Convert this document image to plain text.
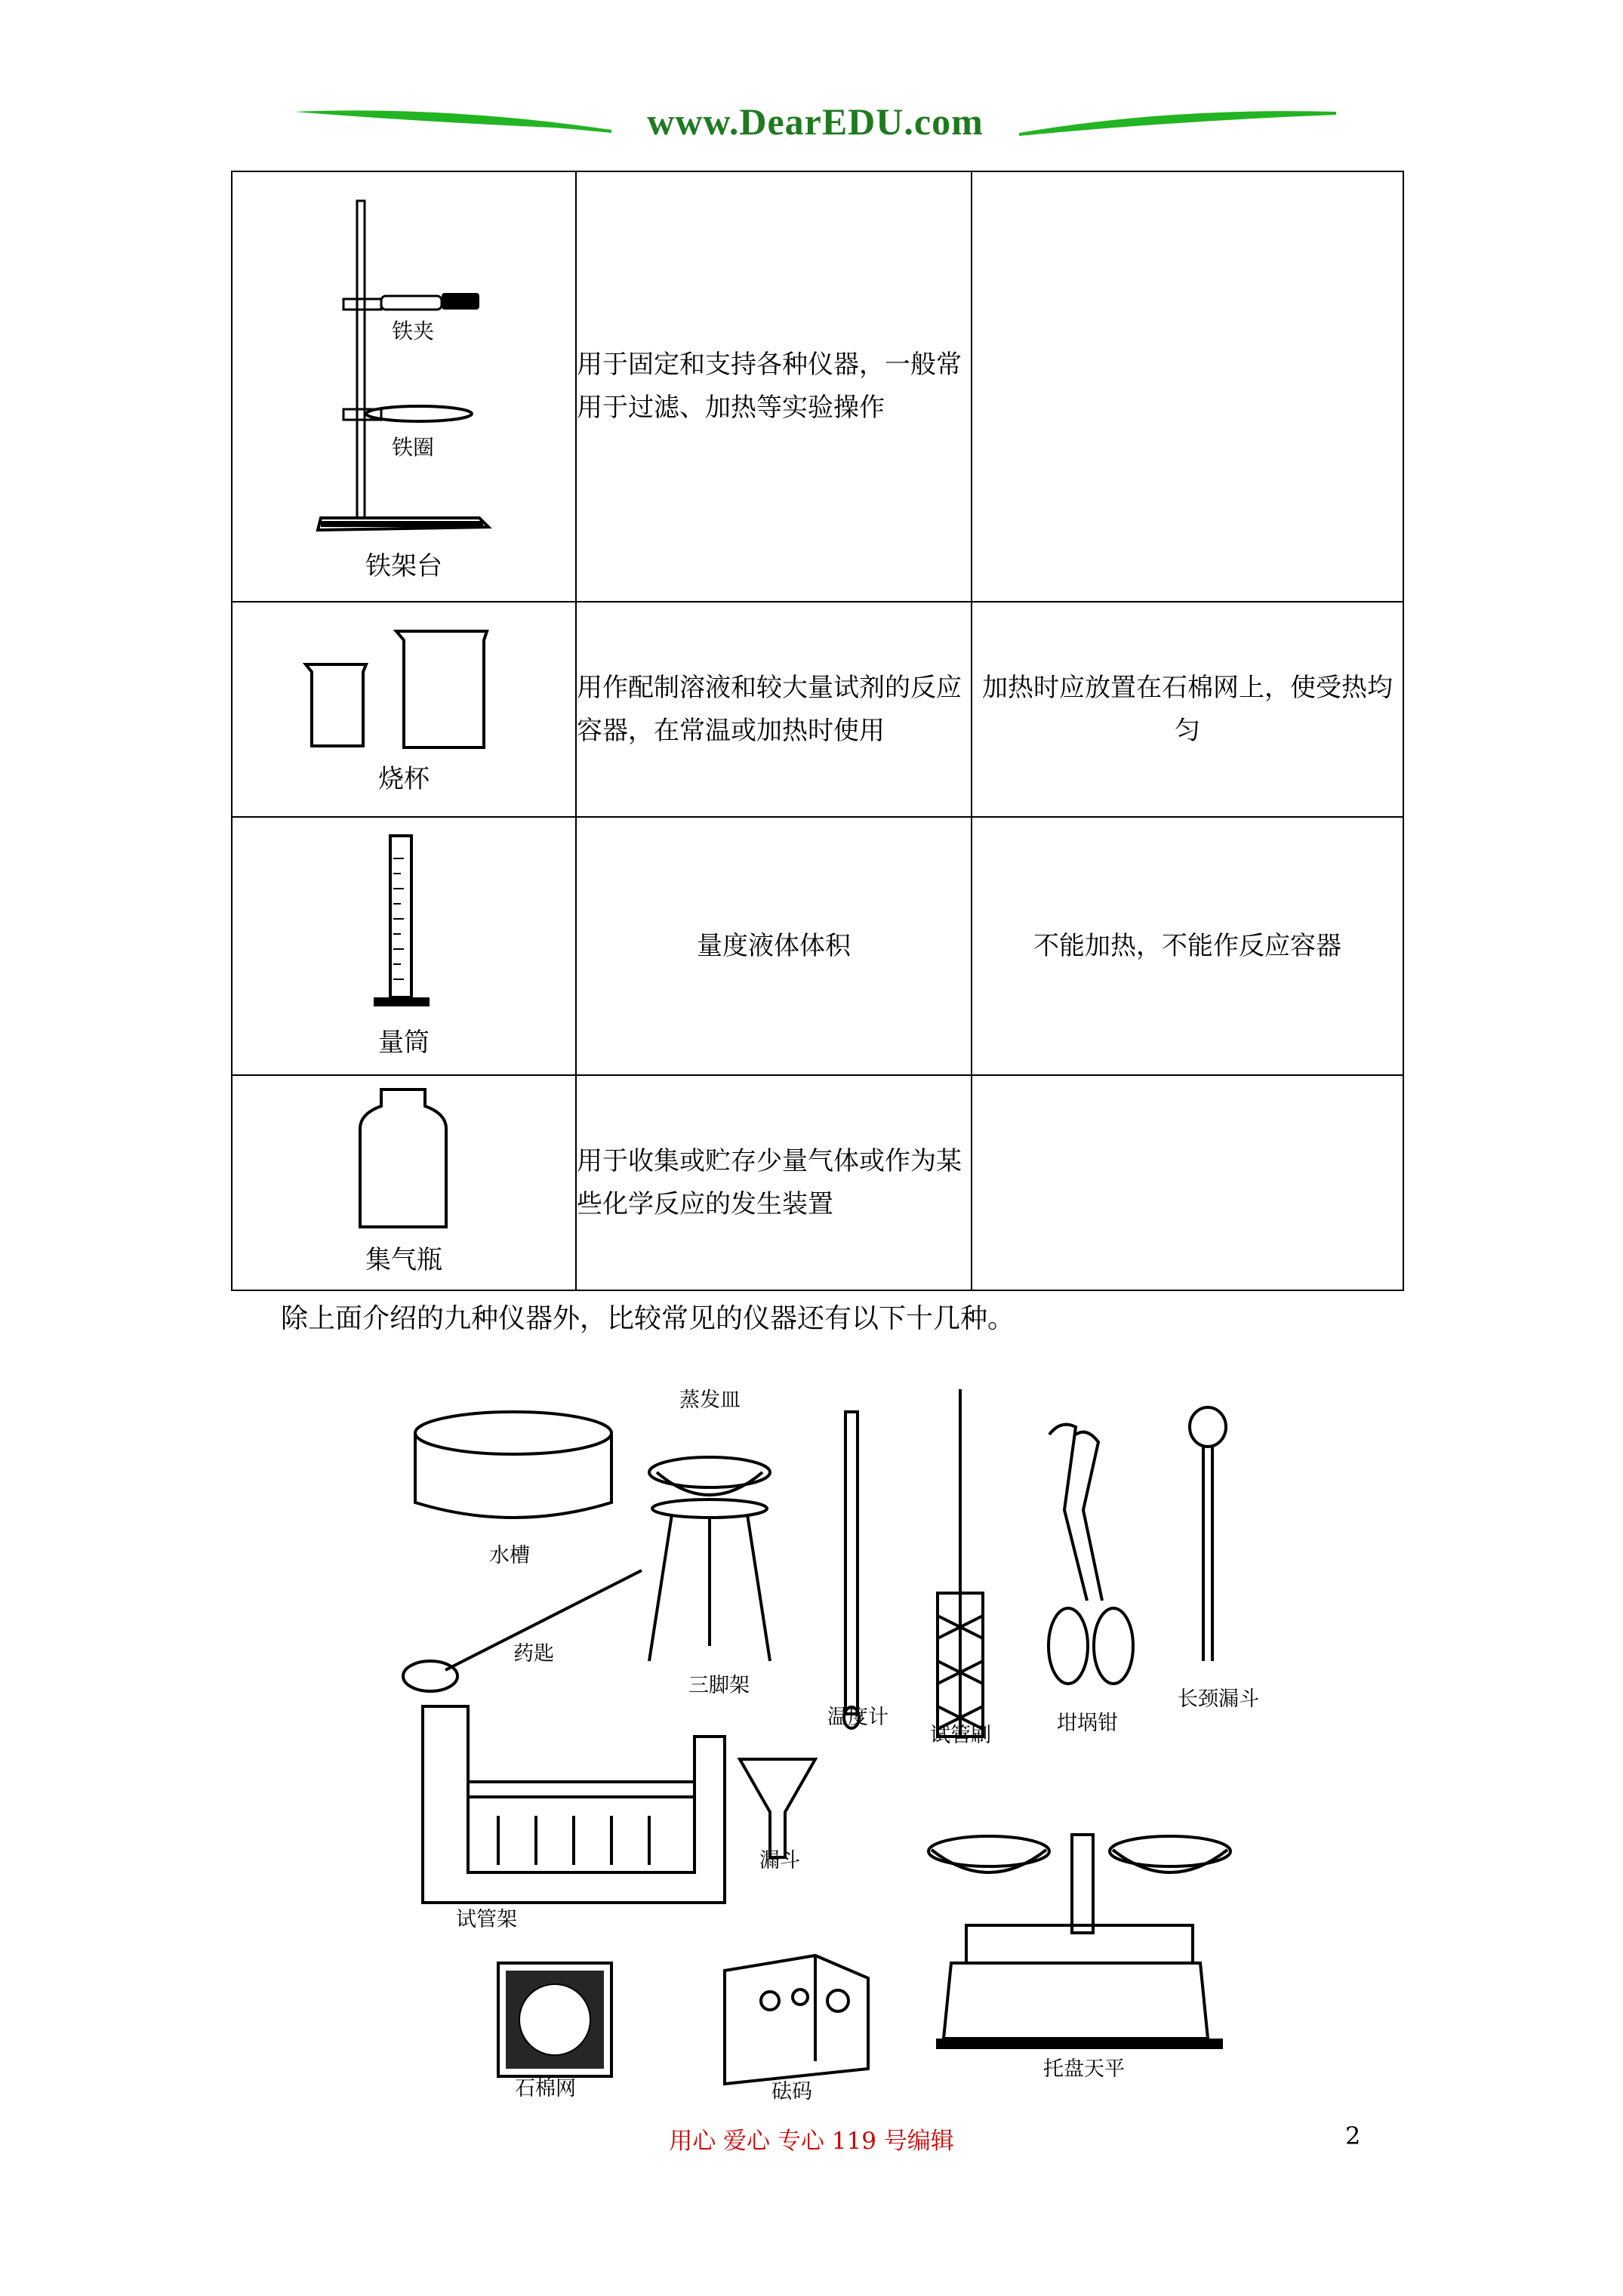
www.DearEDU.com
铁夹
铁圈
铁架台	用于固定和支持各种仪器，一般常用于过滤、加热等实验操作	

烧杯	用作配制溶液和较大量试剂的反应容器，在常温或加热时使用	加热时应放置在石棉网上，使受热均匀

量筒	量度液体体积	不能加热，不能作反应容器

集气瓶	用于收集或贮存少量气体或作为某些化学反应的发生装置	
除上面介绍的九种仪器外，比较常见的仪器还有以下十几种。
水槽
蒸发皿
药匙
三脚架
温度计
试管刷
坩埚钳
长颈漏斗
试管架
漏斗
石棉网	砝码
托盘天平
用心 爱心 专心 119 号编辑	2
